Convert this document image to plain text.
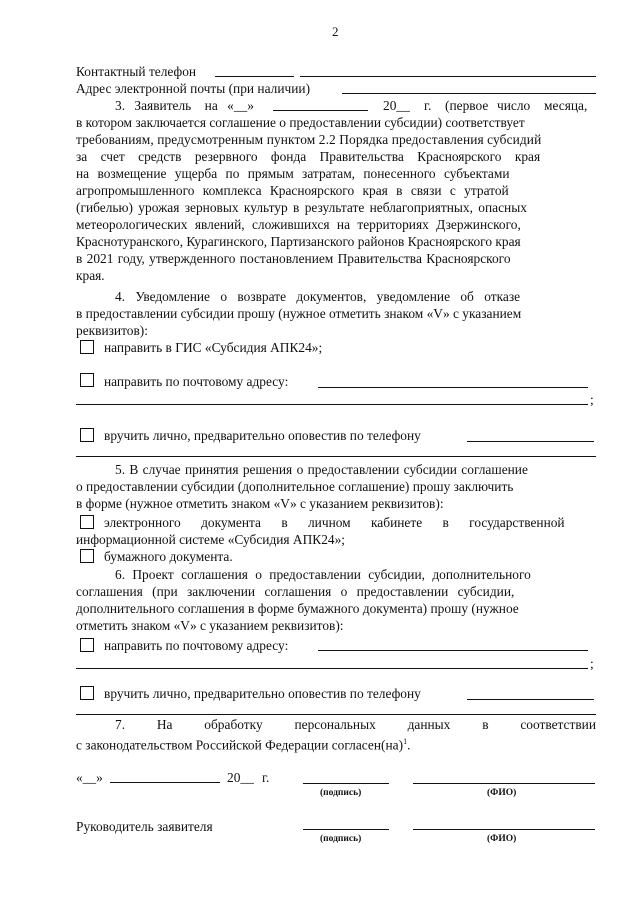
2
Контактный телефон
Адрес электронной почты (при наличии)
3. Заявитель на «__»	20__ г. (первое число месяца,
в котором заключается соглашение о предоставлении субсидии) соответствует
требованиям, предусмотренным пунктом 2.2 Порядка предоставления субсидий
за счет средств резервного фонда Правительства Красноярского края
на возмещение ущерба по прямым затратам, понесенного субъектами
агропромышленного комплекса Красноярского края в связи с утратой
(гибелью) урожая зерновых культур в результате неблагоприятных, опасных
метеорологических явлений, сложившихся на территориях Дзержинского,
Краснотуранского, Курагинского, Партизанского районов Красноярского края
в 2021 году, утвержденного постановлением Правительства Красноярского
края.
4. Уведомление о возврате документов, уведомление об отказе
в предоставлении субсидии прошу (нужное отметить знаком «V» с указанием
реквизитов):
направить в ГИС «Субсидия АПК24»;
направить по почтовому адресу:
;
вручить лично, предварительно оповестив по телефону
5. В случае принятия решения о предоставлении субсидии соглашение
о предоставлении субсидии (дополнительное соглашение) прошу заключить
в форме (нужное отметить знаком «V» с указанием реквизитов):
электронного документа в личном кабинете в государственной
информационной системе «Субсидия АПК24»;
бумажного документа.
6. Проект соглашения о предоставлении субсидии, дополнительного
соглашения (при заключении соглашения о предоставлении субсидии,
дополнительного соглашения в форме бумажного документа) прошу (нужное
отметить знаком «V» с указанием реквизитов):
направить по почтовому адресу:
;
вручить лично, предварительно оповестив по телефону
7. На обработку персональных данных в соответствии
с законодательством Российской Федерации согласен(на)$^1$.
«__»	20__ г.
(подпись)	(ФИО)
Руководитель заявителя
(подпись)	(ФИО)
